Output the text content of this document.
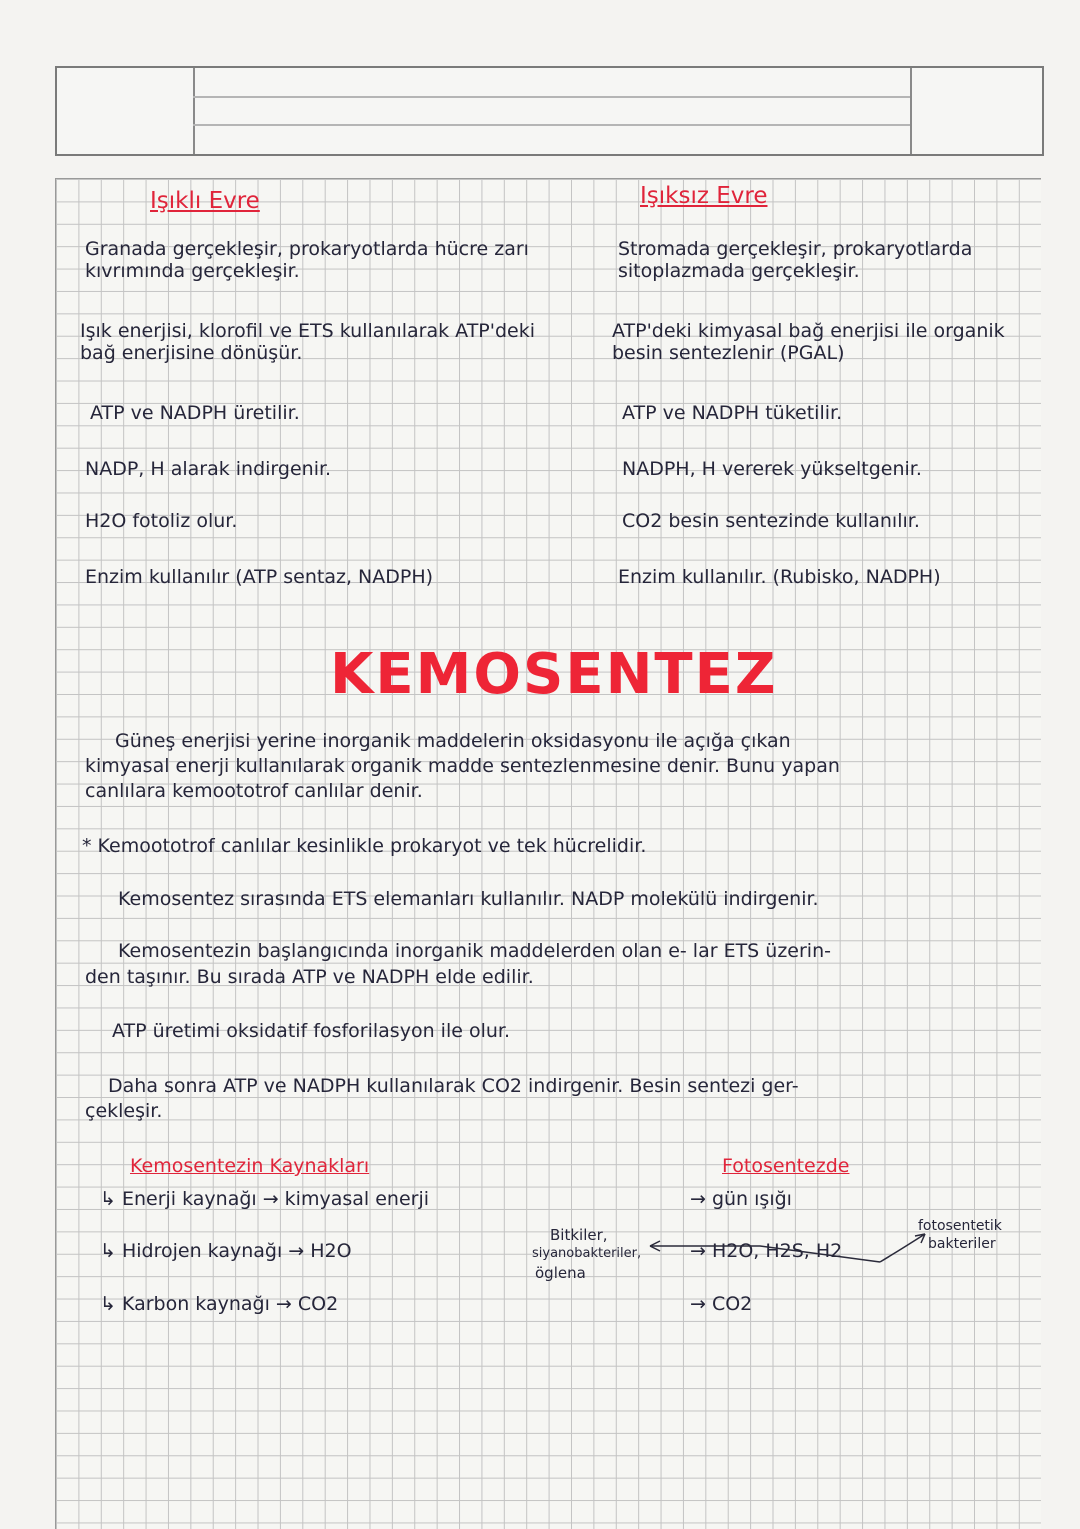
Işıklı Evre
Granada gerçekleşir, prokaryotlarda hücre zarı kıvrımında gerçekleşir.
Işık enerjisi, klorofil ve ETS kullanılarak ATP'deki bağ enerjisine dönüşür.
ATP ve NADPH üretilir.
NADP, H alarak indirgenir.
H2O fotoliz olur.
Enzim kullanılır (ATP sentaz, NADPH)
Işıksız Evre
Stromada gerçekleşir, prokaryotlarda sitoplazmada gerçekleşir.
ATP'deki kimyasal bağ enerjisi ile organik besin sentezlenir (PGAL)
ATP ve NADPH tüketilir.
NADPH, H vererek yükseltgenir.
CO2 besin sentezinde kullanılır.
Enzim kullanılır. (Rubisko, NADPH)
KEMOSENTEZ
Güneş enerjisi yerine inorganik maddelerin oksidasyonu ile açığa çıkan
kimyasal enerji kullanılarak organik madde sentezlenmesine denir. Bunu yapan
canlılara kemoototrof canlılar denir.
* Kemoototrof canlılar kesinlikle prokaryot ve tek hücrelidir.
Kemosentez sırasında ETS elemanları kullanılır. NADP molekülü indirgenir.
Kemosentezin başlangıcında inorganik maddelerden olan e- lar ETS üzerin-
den taşınır. Bu sırada ATP ve NADPH elde edilir.
ATP üretimi oksidatif fosforilasyon ile olur.
Daha sonra ATP ve NADPH kullanılarak CO2 indirgenir. Besin sentezi ger-
çekleşir.
Kemosentezin Kaynakları	Fotosentezde
↳ Enerji kaynağı → kimyasal enerji
↳ Hidrojen kaynağı → H2O
↳ Karbon kaynağı → CO2
→ gün ışığı
→ H2O, H2S, H2
→ CO2
Bitkiler,
siyanobakteriler,
öglena
fotosentetik
bakteriler
